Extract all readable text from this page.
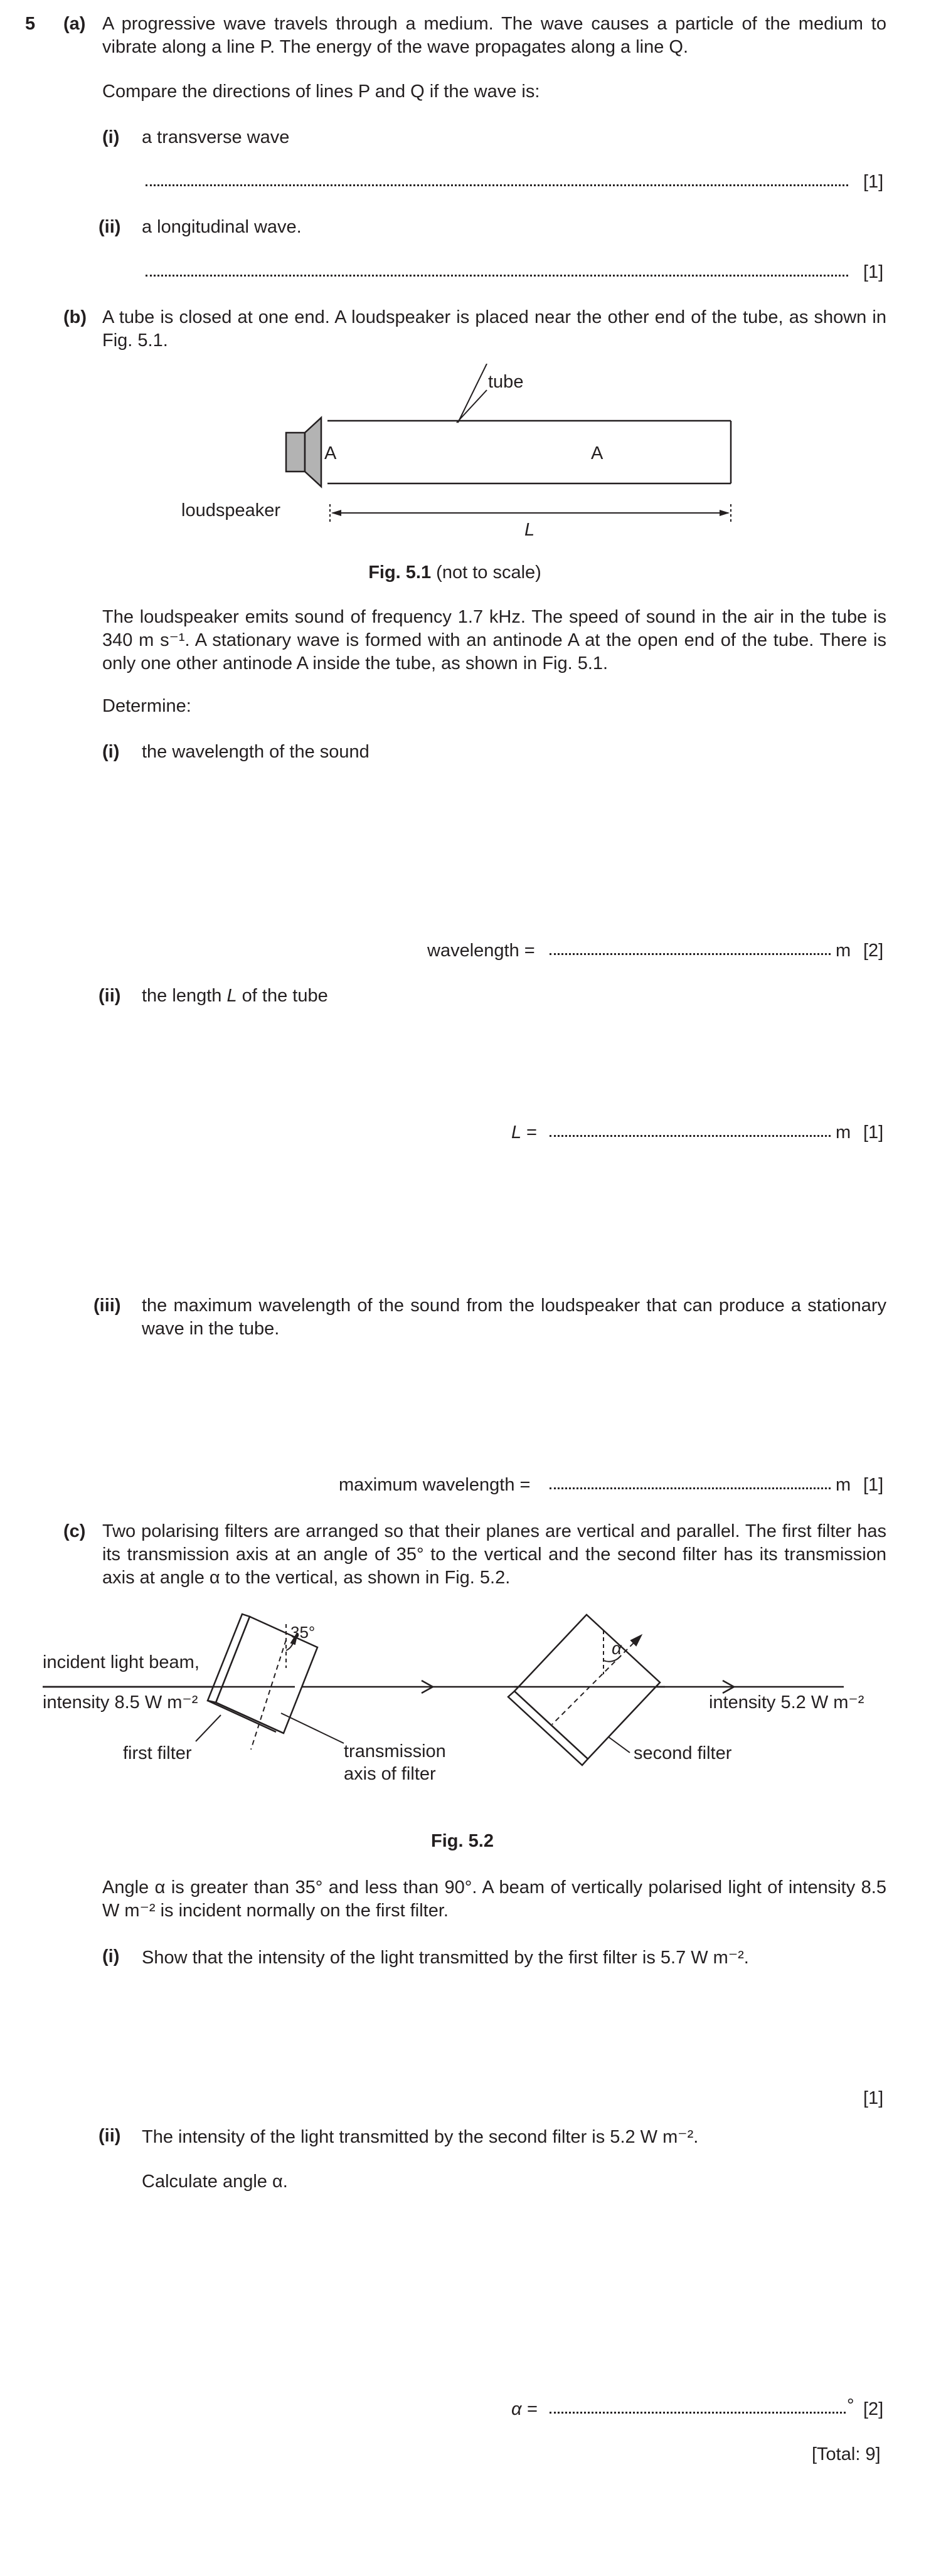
5 (a) A progressive wave travels through a medium. The wave causes a particle of the medium to vibrate along a line P. The energy of the wave propagates along a line Q.
Compare the directions of lines P and Q if the wave is:
(i) a transverse wave
[1]
(ii) a longitudinal wave.
[1]
(b) A tube is closed at one end. A loudspeaker is placed near the other end of the tube, as shown in Fig. 5.1.
tube
A	A
loudspeaker
L
Fig. 5.1 (not to scale)
The loudspeaker emits sound of frequency 1.7 kHz. The speed of sound in the air in the tube is 340 m s⁻¹. A stationary wave is formed with an antinode A at the open end of the tube. There is only one other antinode A inside the tube, as shown in Fig. 5.1.
Determine:
(i) the wavelength of the sound
wavelength =	m [2]
(ii) the length L of the tube
L =	m [1]
(iii) the maximum wavelength of the sound from the loudspeaker that can produce a stationary wave in the tube.
maximum wavelength =	m [1]
(c) Two polarising filters are arranged so that their planes are vertical and parallel. The first filter has its transmission axis at an angle of 35° to the vertical and the second filter has its transmission axis at angle α to the vertical, as shown in Fig. 5.2.
35°
α
incident light beam,
intensity 8.5 W m⁻²	intensity 5.2 W m⁻²
first filter	transmission
axis of filter
second filter
Fig. 5.2
Angle α is greater than 35° and less than 90°. A beam of vertically polarised light of intensity 8.5 W m⁻² is incident normally on the first filter.
(i) Show that the intensity of the light transmitted by the first filter is 5.7 W m⁻².
[1]
(ii) The intensity of the light transmitted by the second filter is 5.2 W m⁻².
Calculate angle α.
α =	° [2]
[Total: 9]
